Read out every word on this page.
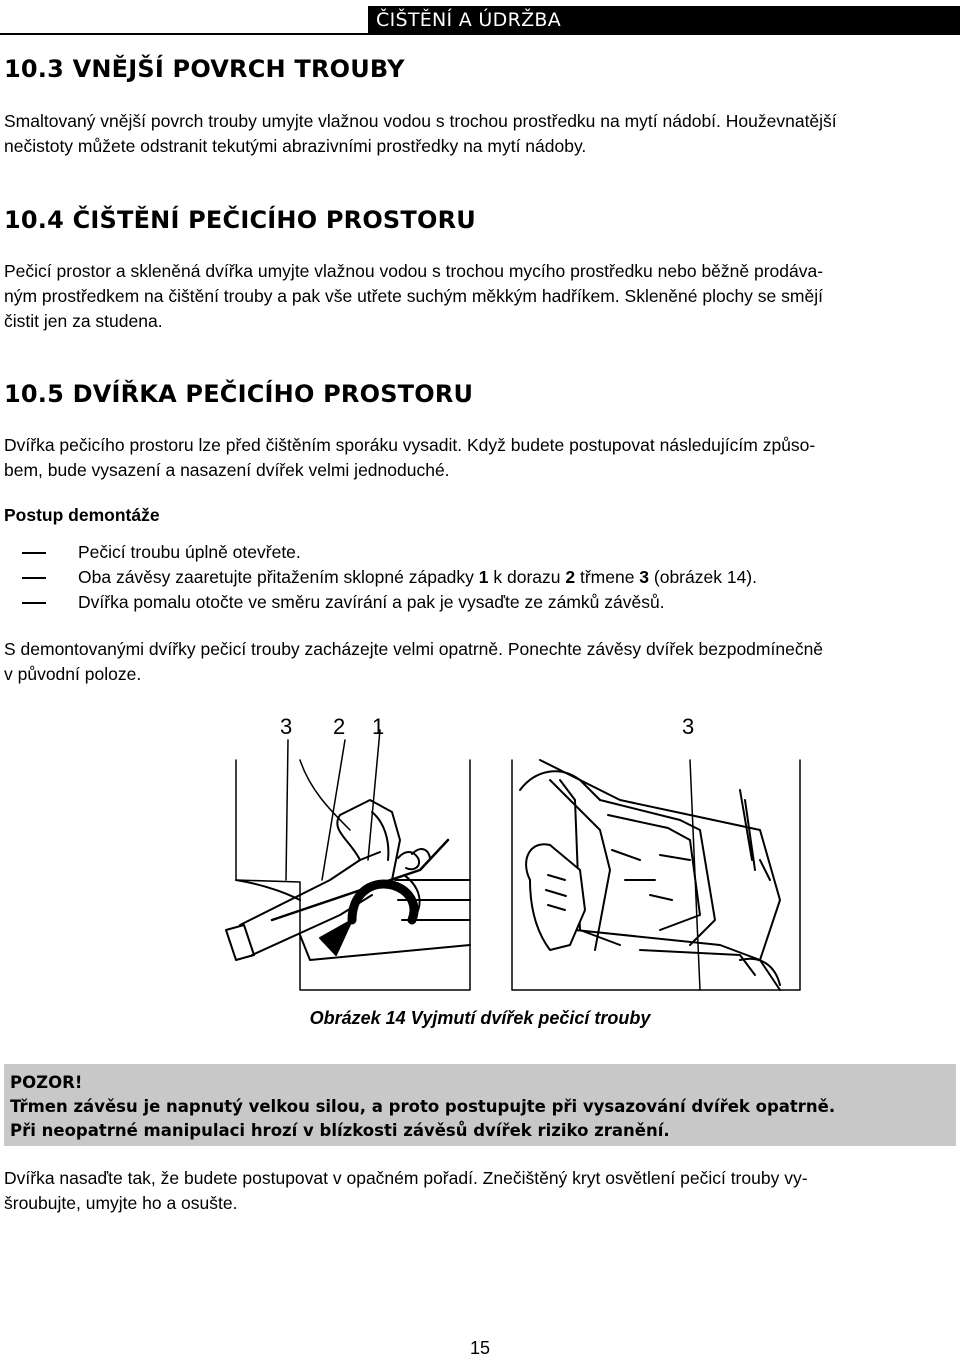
ČIŠTĚNÍ A ÚDRŽBA
10.3 VNĚJŠÍ POVRCH TROUBY

Smaltovaný vnější povrch trouby umyjte vlažnou vodou s trochou prostředku na mytí nádobí. Houževnatější

nečistoty můžete odstranit tekutými abrazivními prostředky na mytí nádoby.

10.4 ČIŠTĚNÍ PEČICÍHO PROSTORU

Pečicí prostor a skleněná dvířka umyjte vlažnou vodou s trochou mycího prostředku nebo běžně prodáva-

ným prostředkem na čištění trouby a pak vše utřete suchým měkkým hadříkem. Skleněné plochy se smějí

čistit jen za studena.

10.5 DVÍŘKA PEČICÍHO PROSTORU

Dvířka pečicího prostoru lze před čištěním sporáku vysadit. Když budete postupovat následujícím způso-

bem, bude vysazení a nasazení dvířek velmi jednoduché.

Postup demontáže
Pečicí troubu úplně otevřete.
Oba závěsy zaaretujte přitažením sklopné západky 1 k dorazu 2 třmene 3 (obrázek 14).
Dvířka pomalu otočte ve směru zavírání a pak je vysaďte ze zámků závěsů.

S demontovanými dvířky pečicí trouby zacházejte velmi opatrně. Ponechte závěsy dvířek bezpodmínečně

v původní poloze.

3 2 1	3
Obrázek 14 Vyjmutí dvířek pečicí trouby
POZOR!
Třmen závěsu je napnutý velkou silou, a proto postupujte při vysazování dvířek opatrně.
Při neopatrné manipulaci hrozí v blízkosti závěsů dvířek riziko zranění.

Dvířka nasaďte tak, že budete postupovat v opačném pořadí. Znečištěný kryt osvětlení pečicí trouby vy-

šroubujte, umyjte ho a osušte.

15
